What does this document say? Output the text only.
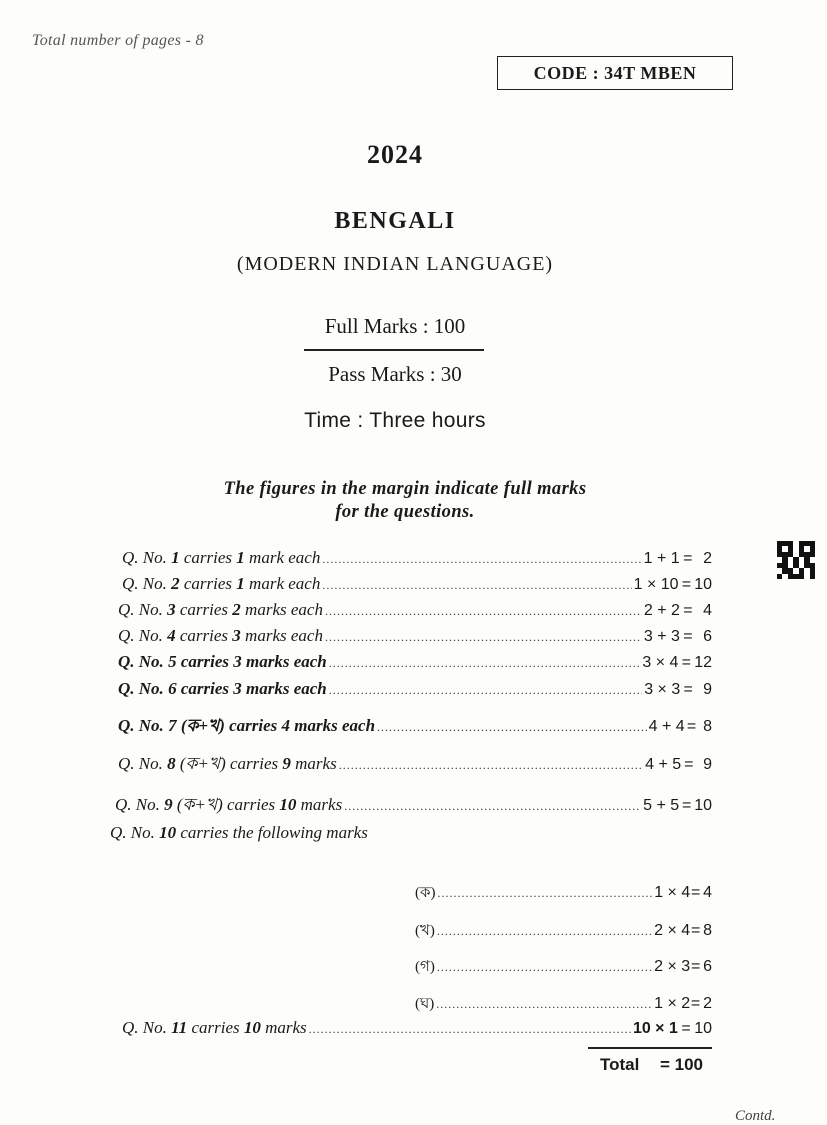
Total number of pages - 8
CODE : 34T MBEN
2024
BENGALI
(MODERN INDIAN LANGUAGE)
Full Marks : 100
Pass Marks : 30
Time : Three hours
The figures in the margin indicate full marks
for the questions.
Q. No. 1 carries 1 mark each .....	1 + 1 = 2
Q. No. 2 carries 1 mark each .....	1 × 10 = 10
Q. No. 3 carries 2 marks each .....	2 + 2 = 4
Q. No. 4 carries 3 marks each .....	3 + 3 = 6
Q. No. 5 carries 3 marks each .....	3 × 4 = 12
Q. No. 6 carries 3 marks each .....	3 × 3 = 9
Q. No. 7 (ক+খ) carries 4 marks each .....	4 + 4 = 8
Q. No. 8 (ক+খ) carries 9 marks .....	4 + 5 = 9
Q. No. 9 (ক+খ) carries 10 marks .....	5 + 5 = 10
Q. No. 10 carries the following marks
(ক) .....	1 × 4 = 4
(খ) .....	2 × 4 = 8
(গ) .....	2 × 3 = 6
(ঘ) .....	1 × 2 = 2
Q. No. 11 carries 10 marks .....	10 × 1 = 10
Total = 100
Contd.
